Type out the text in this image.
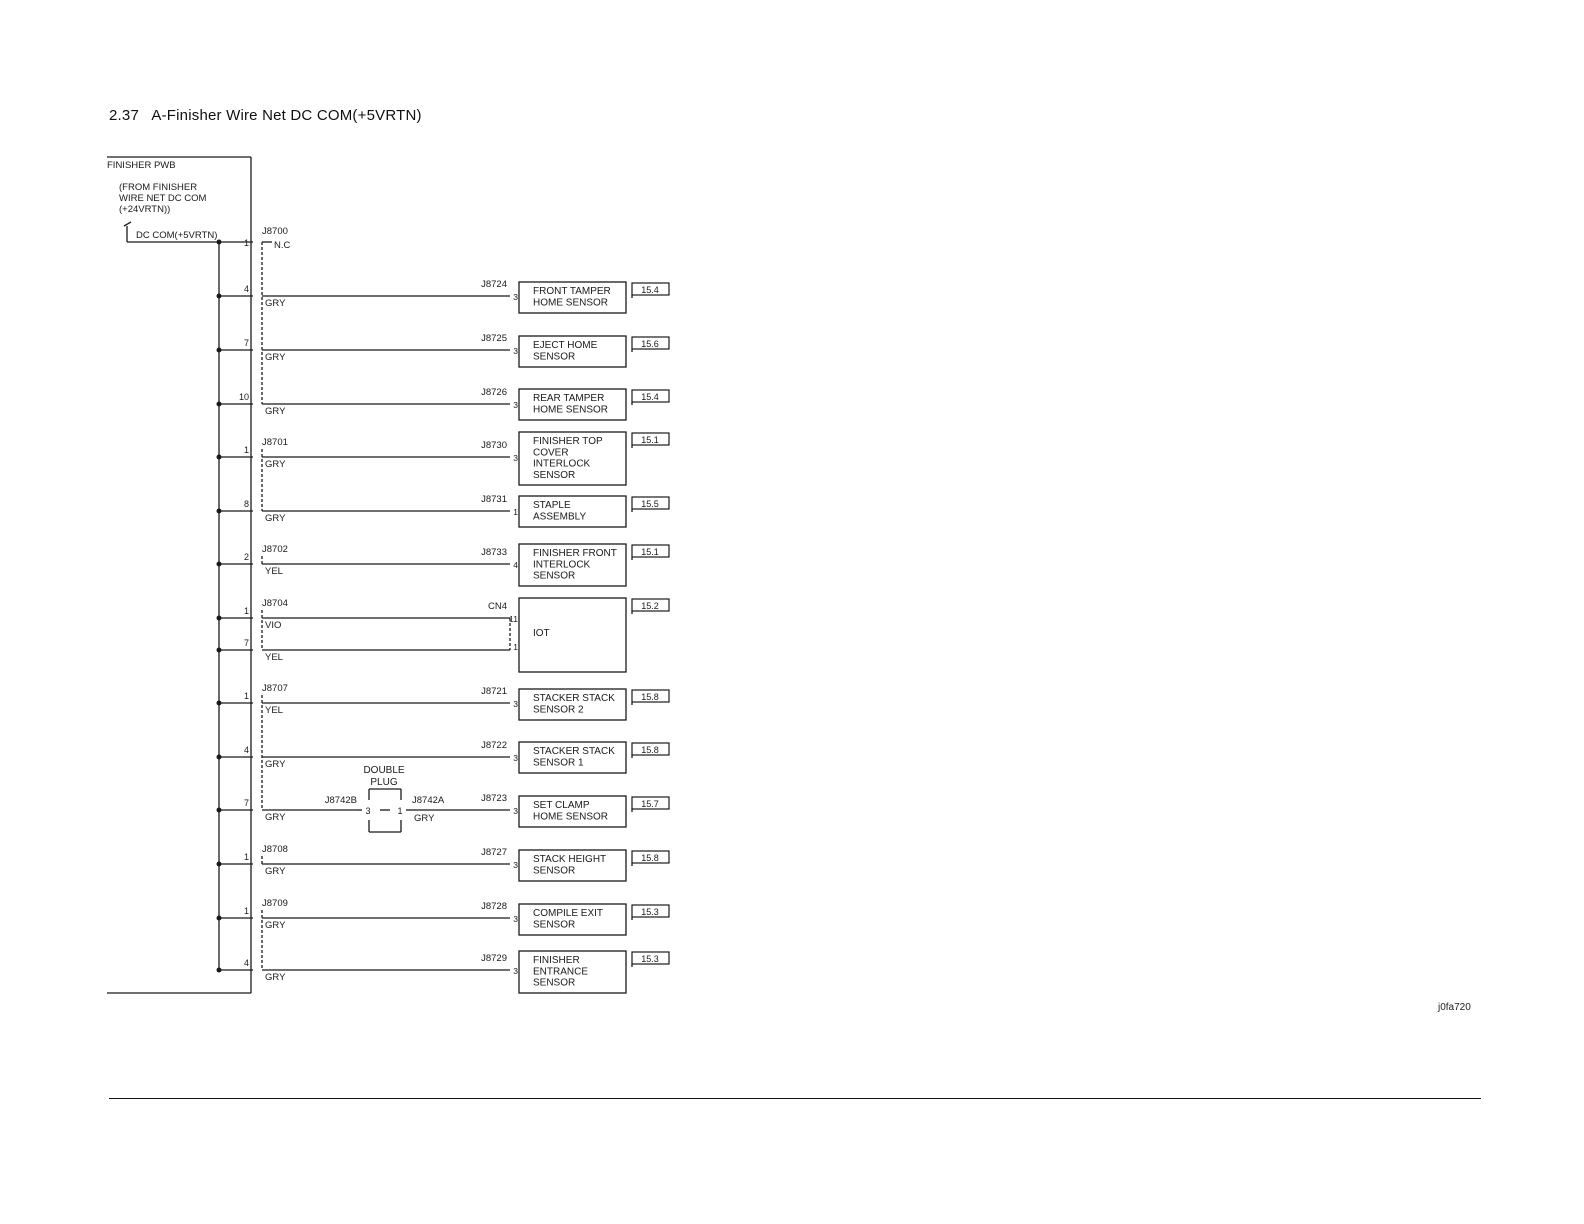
2.37 A-Finisher Wire Net DC COM(+5VRTN)
FINISHER PWB
(FROM FINISHER
WIRE NET DC COM
(+24VRTN))
DC COM(+5VRTN)
1	N.C
J8700
J8701
J8702
J8704
J8707
J8708
J8709
4
GRY
J8724
3 FRONT TAMPER
HOME SENSOR
15.4
7
GRY
J8725
3 EJECT HOME
SENSOR
15.6
10
GRY
J8726
3
REAR TAMPER
HOME SENSOR
15.4
1
GRY
J8730
3
FINISHER TOP
COVER
INTERLOCK
SENSOR
15.1
8
GRY
J8731
1
STAPLE
ASSEMBLY
15.5
2
YEL
J8733
4
FINISHER FRONT
INTERLOCK
SENSOR
15.1
1
VIO
CN4
11
IOT
15.2
7
YEL
1
1
YEL
J8721
3 STACKER STACK
SENSOR 2
15.8
4
GRY
J8722
3
STACKER STACK
SENSOR 1
15.8
7
GRY
J8723
3 SET CLAMP
HOME SENSOR
15.7
1
GRY
J8727
3 STACK HEIGHT
SENSOR
15.8
1
GRY
J8728
3 COMPILE EXIT
SENSOR
15.3
4
GRY
J8729
3
FINISHER
ENTRANCE
SENSOR
15.3
DOUBLE
PLUG
J8742B	J8742A
3	1
GRY
j0fa720
